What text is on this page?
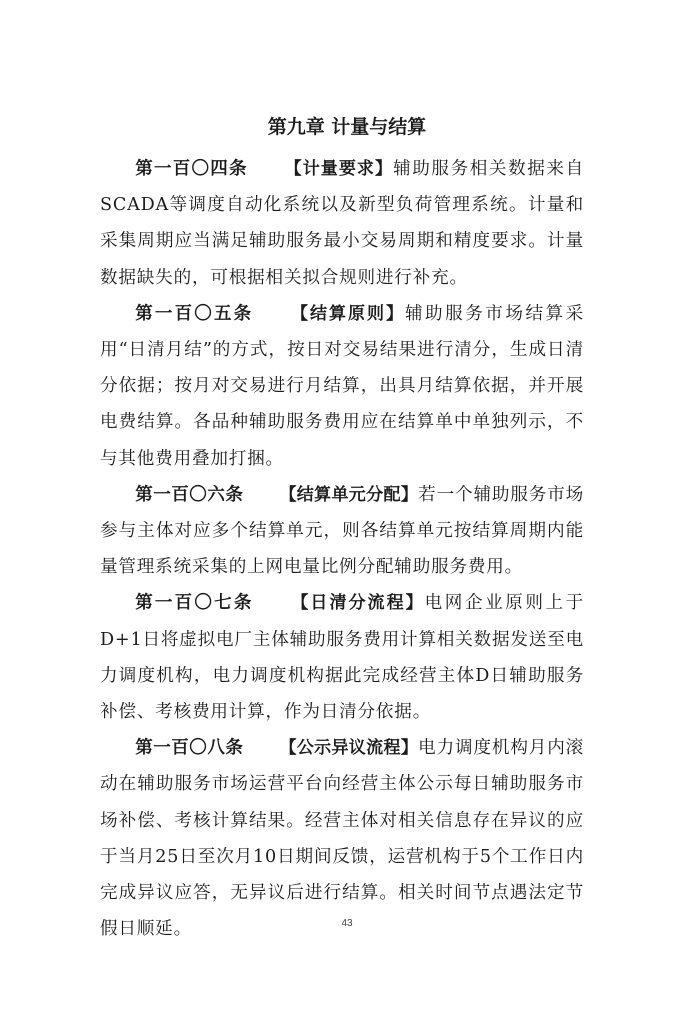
第九章 计量与结算

第一百〇四条 【计量要求】辅助服务相关数据来自SCADA等调度自动化系统以及新型负荷管理系统。计量和采集周期应当满足辅助服务最小交易周期和精度要求。计量数据缺失的，可根据相关拟合规则进行补充。

第一百〇五条 【结算原则】辅助服务市场结算采用“日清月结”的方式，按日对交易结果进行清分，生成日清分依据；按月对交易进行月结算，出具月结算依据，并开展电费结算。各品种辅助服务费用应在结算单中单独列示，不与其他费用叠加打捆。

第一百〇六条 【结算单元分配】若一个辅助服务市场参与主体对应多个结算单元，则各结算单元按结算周期内能量管理系统采集的上网电量比例分配辅助服务费用。

第一百〇七条 【日清分流程】电网企业原则上于D+1日将虚拟电厂主体辅助服务费用计算相关数据发送至电力调度机构，电力调度机构据此完成经营主体D日辅助服务补偿、考核费用计算，作为日清分依据。

第一百〇八条 【公示异议流程】电力调度机构月内滚动在辅助服务市场运营平台向经营主体公示每日辅助服务市场补偿、考核计算结果。经营主体对相关信息存在异议的应于当月25日至次月10日期间反馈，运营机构于5个工作日内完成异议应答，无异议后进行结算。相关时间节点遇法定节假日顺延。	43
